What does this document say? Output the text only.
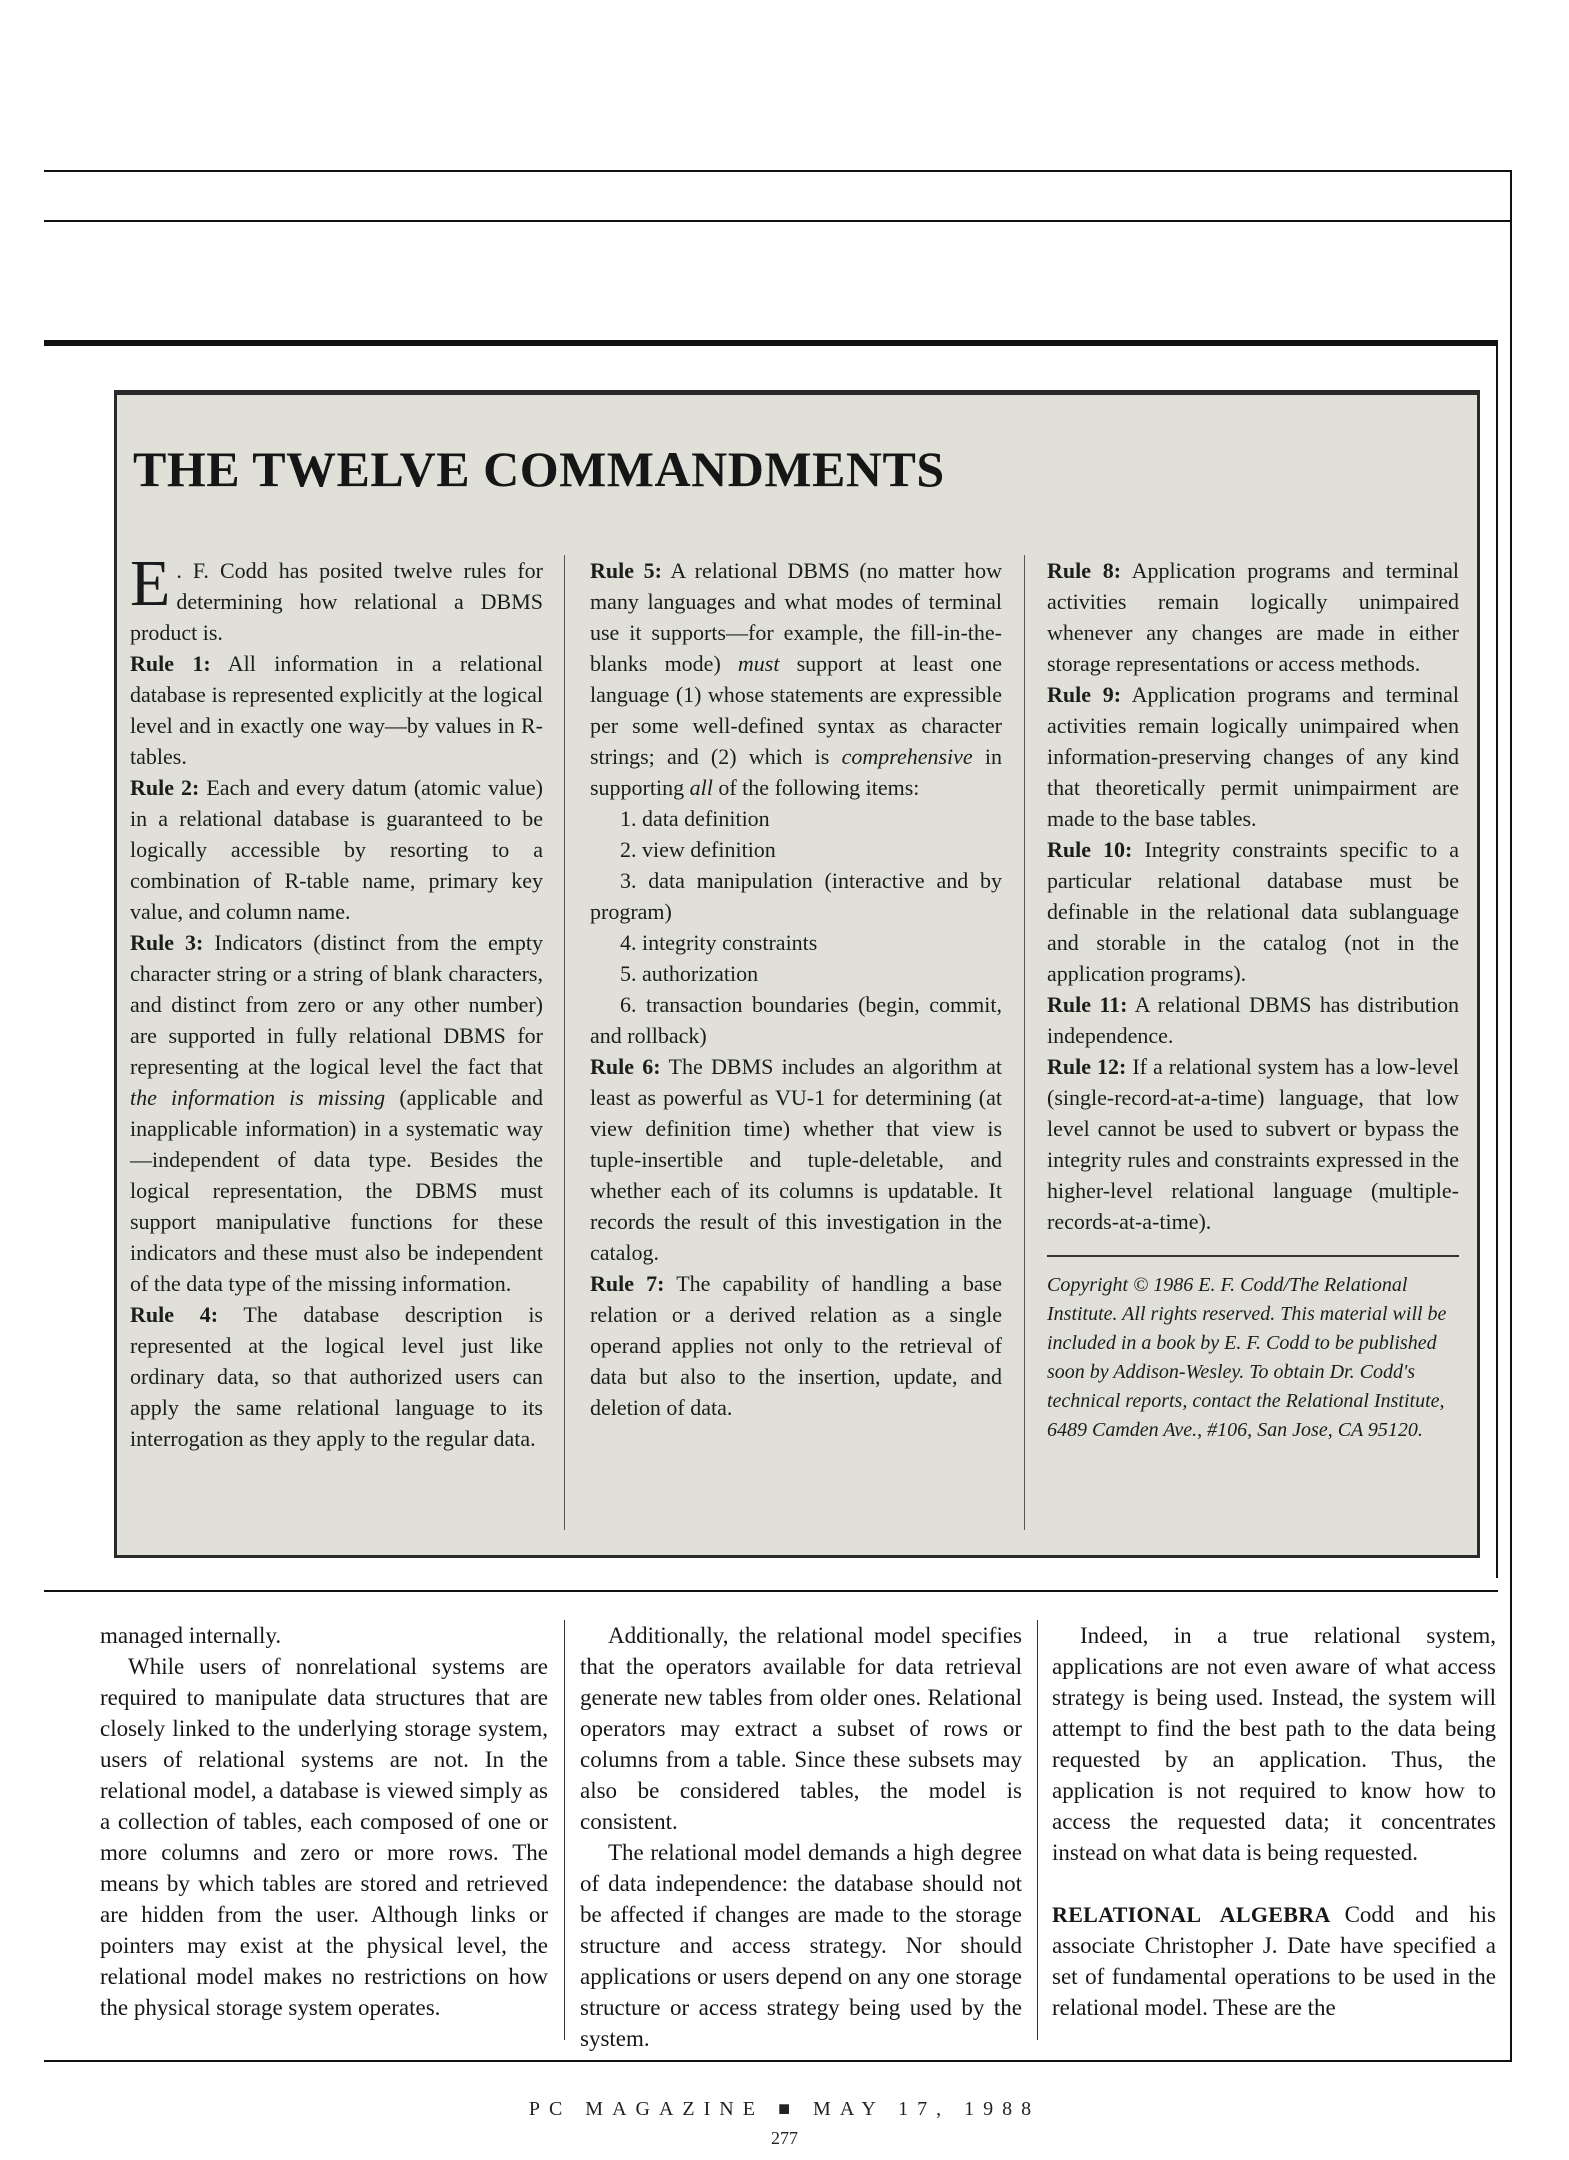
THE TWELVE COMMANDMENTS

E . F. Codd has posited twelve rules for determining how relational a DBMS product is.

Rule 1: All information in a relational database is represented explicitly at the logical level and in exactly one way—by values in R-tables.

Rule 2: Each and every datum (atomic value) in a relational database is guaranteed to be logically accessible by resorting to a combination of R-table name, primary key value, and column name.

Rule 3: Indicators (distinct from the empty character string or a string of blank characters, and distinct from zero or any other number) are supported in fully relational DBMS for representing at the logical level the fact that the information is missing (applicable and inapplicable information) in a systematic way—independent of data type. Besides the logical representation, the DBMS must support manipulative functions for these indicators and these must also be independent of the data type of the missing information.

Rule 4: The database description is represented at the logical level just like ordinary data, so that authorized users can apply the same relational language to its interrogation as they apply to the regular data.

Rule 5: A relational DBMS (no matter how many languages and what modes of terminal use it supports—for example, the fill-in-the-blanks mode) must support at least one language (1) whose statements are expressible per some well-defined syntax as character strings; and (2) which is comprehensive in supporting all of the following items:

1. data definition

2. view definition

3. data manipulation (interactive and by program)

4. integrity constraints

5. authorization

6. transaction boundaries (begin, commit, and rollback)

Rule 6: The DBMS includes an algorithm at least as powerful as VU-1 for determining (at view definition time) whether that view is tuple-insertible and tuple-deletable, and whether each of its columns is updatable. It records the result of this investigation in the catalog.

Rule 7: The capability of handling a base relation or a derived relation as a single operand applies not only to the retrieval of data but also to the insertion, update, and deletion of data.

Rule 8: Application programs and terminal activities remain logically unimpaired whenever any changes are made in either storage representations or access methods.

Rule 9: Application programs and terminal activities remain logically unimpaired when information-preserving changes of any kind that theoretically permit unimpairment are made to the base tables.

Rule 10: Integrity constraints specific to a particular relational database must be definable in the relational data sublanguage and storable in the catalog (not in the application programs).

Rule 11: A relational DBMS has distribution independence.

Rule 12: If a relational system has a low-level (single-record-at-a-time) language, that low level cannot be used to subvert or bypass the integrity rules and constraints expressed in the higher-level relational language (multiple-records-at-a-time).

Copyright © 1986 E. F. Codd/The Relational Institute. All rights reserved. This material will be included in a book by E. F. Codd to be published soon by Addison-Wesley. To obtain Dr. Codd's technical reports, contact the Relational Institute, 6489 Camden Ave., #106, San Jose, CA 95120.

managed internally.

While users of nonrelational systems are required to manipulate data structures that are closely linked to the underlying storage system, users of relational systems are not. In the relational model, a database is viewed simply as a collection of tables, each composed of one or more columns and zero or more rows. The means by which tables are stored and retrieved are hidden from the user. Although links or pointers may exist at the physical level, the relational model makes no restrictions on how the physical storage system operates.

Additionally, the relational model specifies that the operators available for data retrieval generate new tables from older ones. Relational operators may extract a subset of rows or columns from a table. Since these subsets may also be considered tables, the model is consistent.

The relational model demands a high degree of data independence: the database should not be affected if changes are made to the storage structure and access strategy. Nor should applications or users depend on any one storage structure or access strategy being used by the system.

Indeed, in a true relational system, applications are not even aware of what access strategy is being used. Instead, the system will attempt to find the best path to the data being requested by an application. Thus, the application is not required to know how to access the requested data; it concentrates instead on what data is being requested.

RELATIONAL ALGEBRA Codd and his associate Christopher J. Date have specified a set of fundamental operations to be used in the relational model. These are the

PC MAGAZINE ■ MAY 17, 1988
277
